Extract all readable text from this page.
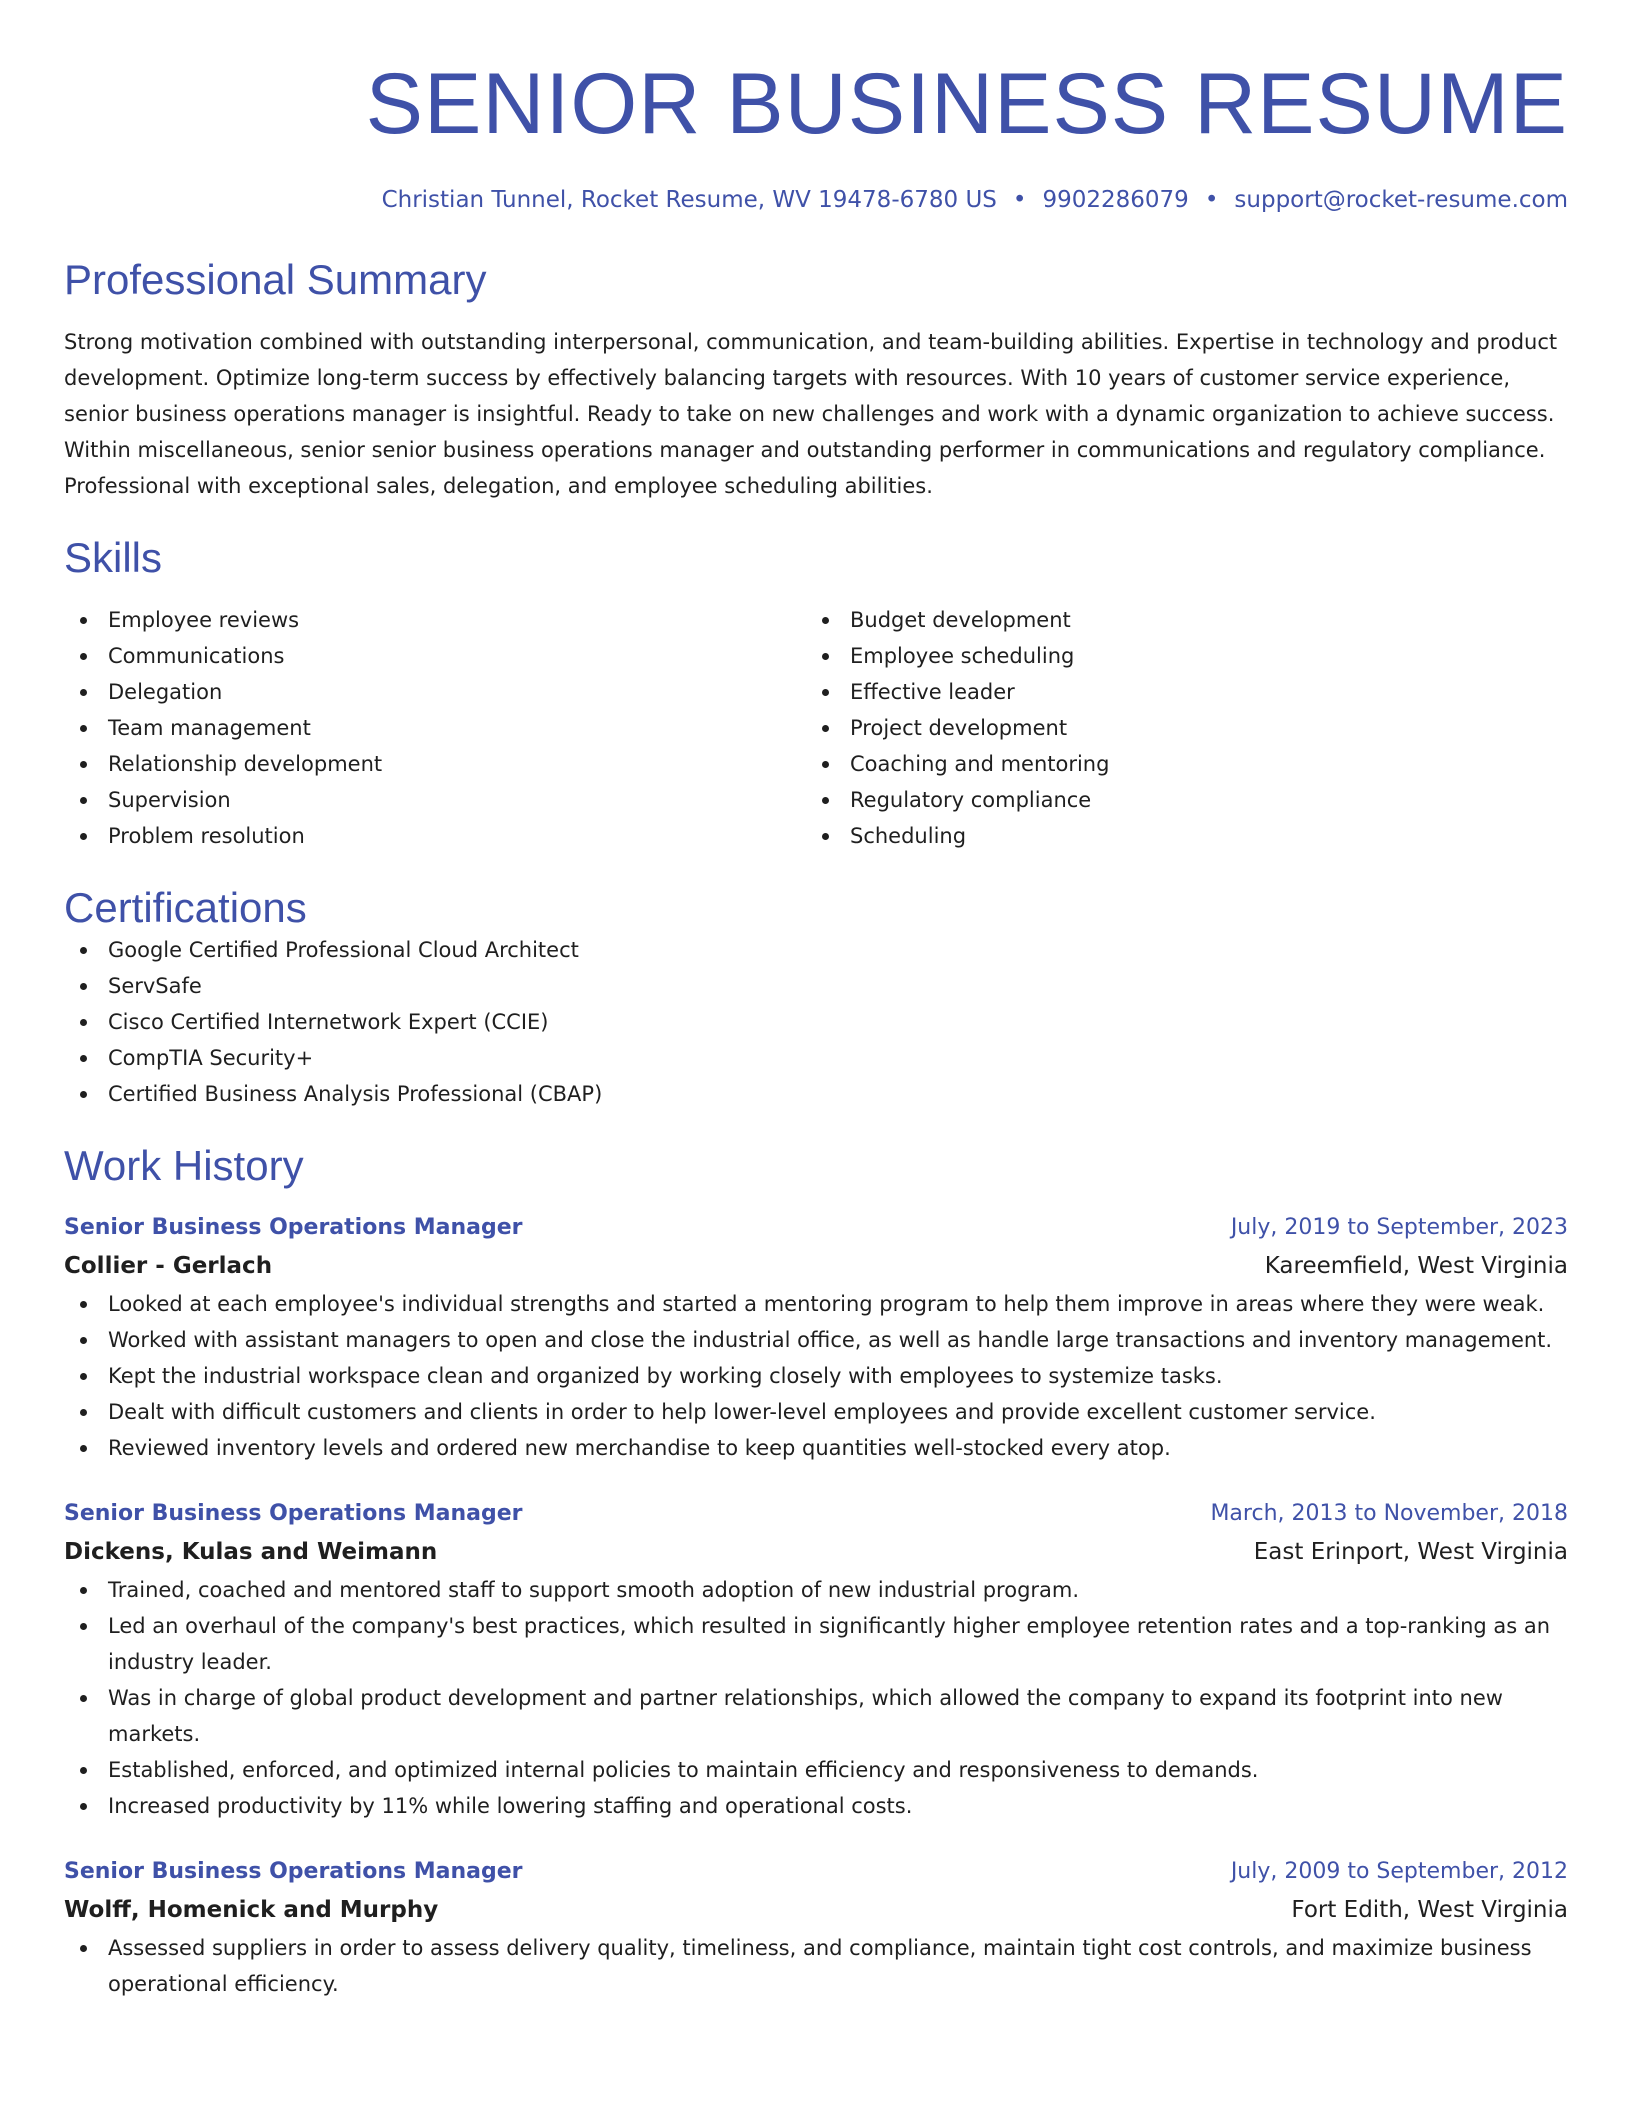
SENIOR BUSINESS RESUME
Christian Tunnel, Rocket Resume, WV 19478-6780 US • 9902286079 • support@rocket-resume.com
Professional Summary

Strong motivation combined with outstanding interpersonal, communication, and team-building abilities. Expertise in technology and product development. Optimize long-term success by effectively balancing targets with resources. With 10 years of customer service experience, senior business operations manager is insightful. Ready to take on new challenges and work with a dynamic organization to achieve success. Within miscellaneous, senior senior business operations manager and outstanding performer in communications and regulatory compliance. Professional with exceptional sales, delegation, and employee scheduling abilities.

Skills
Employee reviews
Communications
Delegation
Team management
Relationship development
Supervision
Problem resolution
Budget development
Employee scheduling
Effective leader
Project development
Coaching and mentoring
Regulatory compliance
Scheduling
Certifications
Google Certified Professional Cloud Architect
ServSafe
Cisco Certified Internetwork Expert (CCIE)
CompTIA Security+
Certified Business Analysis Professional (CBAP)
Work History
Senior Business Operations Manager	July, 2019 to September, 2023
Collier - Gerlach	Kareemfield, West Virginia
Looked at each employee's individual strengths and started a mentoring program to help them improve in areas where they were weak.
Worked with assistant managers to open and close the industrial office, as well as handle large transactions and inventory management.
Kept the industrial workspace clean and organized by working closely with employees to systemize tasks.
Dealt with difficult customers and clients in order to help lower-level employees and provide excellent customer service.
Reviewed inventory levels and ordered new merchandise to keep quantities well-stocked every atop.
Senior Business Operations Manager	March, 2013 to November, 2018
Dickens, Kulas and Weimann	East Erinport, West Virginia
Trained, coached and mentored staff to support smooth adoption of new industrial program.
Led an overhaul of the company's best practices, which resulted in significantly higher employee retention rates and a top-ranking as an industry leader.
Was in charge of global product development and partner relationships, which allowed the company to expand its footprint into new markets.
Established, enforced, and optimized internal policies to maintain efficiency and responsiveness to demands.
Increased productivity by 11% while lowering staffing and operational costs.
Senior Business Operations Manager	July, 2009 to September, 2012
Wolff, Homenick and Murphy	Fort Edith, West Virginia
Assessed suppliers in order to assess delivery quality, timeliness, and compliance, maintain tight cost controls, and maximize business operational efficiency.
